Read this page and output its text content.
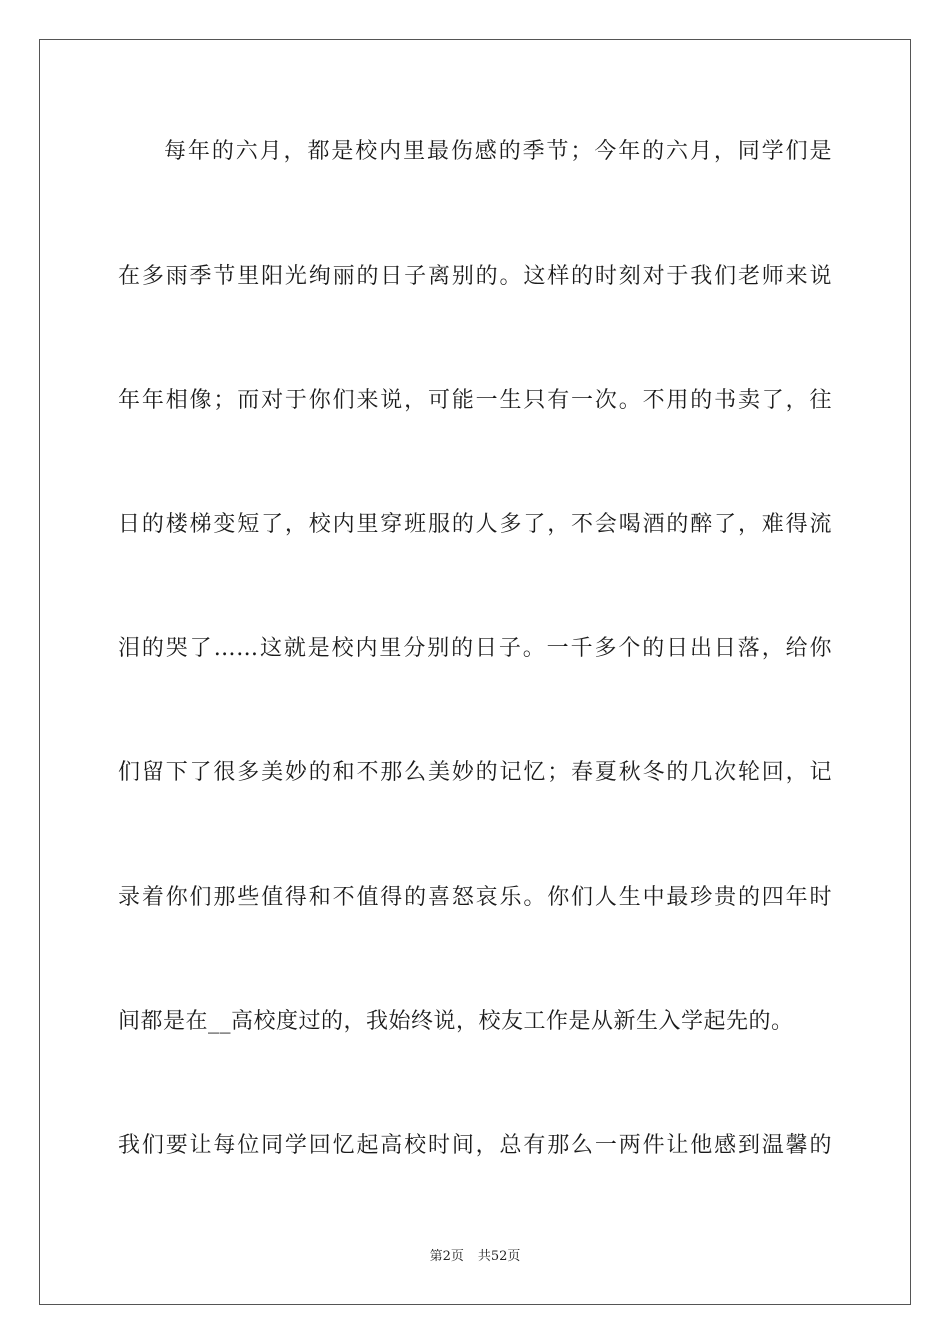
每年的六月，都是校内里最伤感的季节；今年的六月，同学们是
在多雨季节里阳光绚丽的日子离别的。这样的时刻对于我们老师来说
年年相像；而对于你们来说，可能一生只有一次。不用的书卖了，往
日的楼梯变短了，校内里穿班服的人多了，不会喝酒的醉了，难得流
泪的哭了……这就是校内里分别的日子。一千多个的日出日落，给你
们留下了很多美妙的和不那么美妙的记忆；春夏秋冬的几次轮回，记
录着你们那些值得和不值得的喜怒哀乐。你们人生中最珍贵的四年时
间都是在__高校度过的，我始终说，校友工作是从新生入学起先的。
我们要让每位同学回忆起高校时间，总有那么一两件让他感到温馨的
第2页 共52页
